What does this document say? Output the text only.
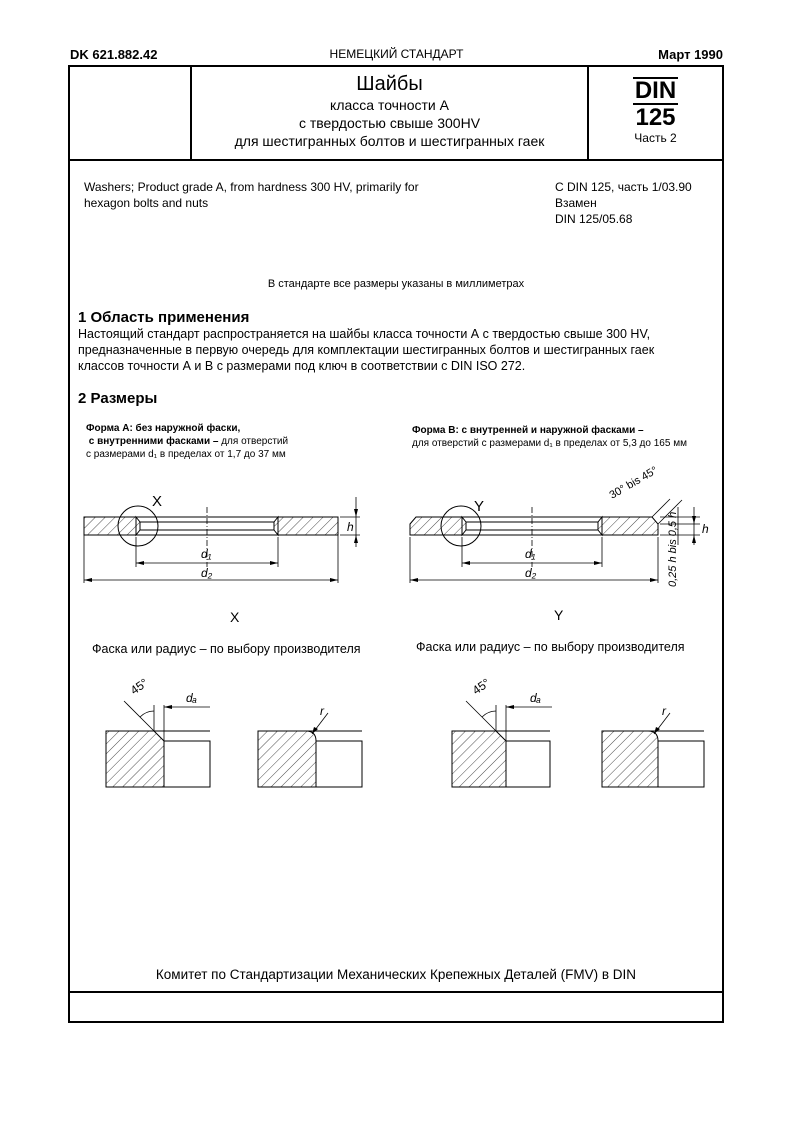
DK 621.882.42	НЕМЕЦКИЙ СТАНДАРТ	Март 1990
Шайбы
класса точности А
с твердостью свыше 300HV
для шестигранных болтов и шестигранных гаек
DIN
125
Часть 2
Washers; Product grade A, from hardness 300 HV, primarily for
hexagon bolts and nuts
С DIN 125, часть 1/03.90
Взамен
DIN 125/05.68
В стандарте все размеры указаны в миллиметрах
1 Область применения
Настоящий стандарт распространяется на шайбы класса точности А с твердостью свыше 300 HV,
предназначенные в первую очередь для комплектации шестигранных болтов и шестигранных гаек
классов точности А и В с размерами под ключ в соответствии с DIN ISO 272.
2 Размеры
Форма А: без наружной фаски,
с внутренними фасками – для отверстий
с размерами d₁ в пределах от 1,7 до 37 мм
Форма В: с внутренней и наружной фасками –
для отверстий с размерами d₁ в пределах от 5,3 до 165 мм
X
d₁
d₂
h
Y
d₁
d₂
30° bis 45°
h
0,25 h bis 0,5 h
X	Y
45°
dₐ
r
45°
dₐ
r
Фаска или радиус – по выбору производителя	Фаска или радиус – по выбору производителя
Комитет по Стандартизации Механических Крепежных Деталей (FMV) в DIN
